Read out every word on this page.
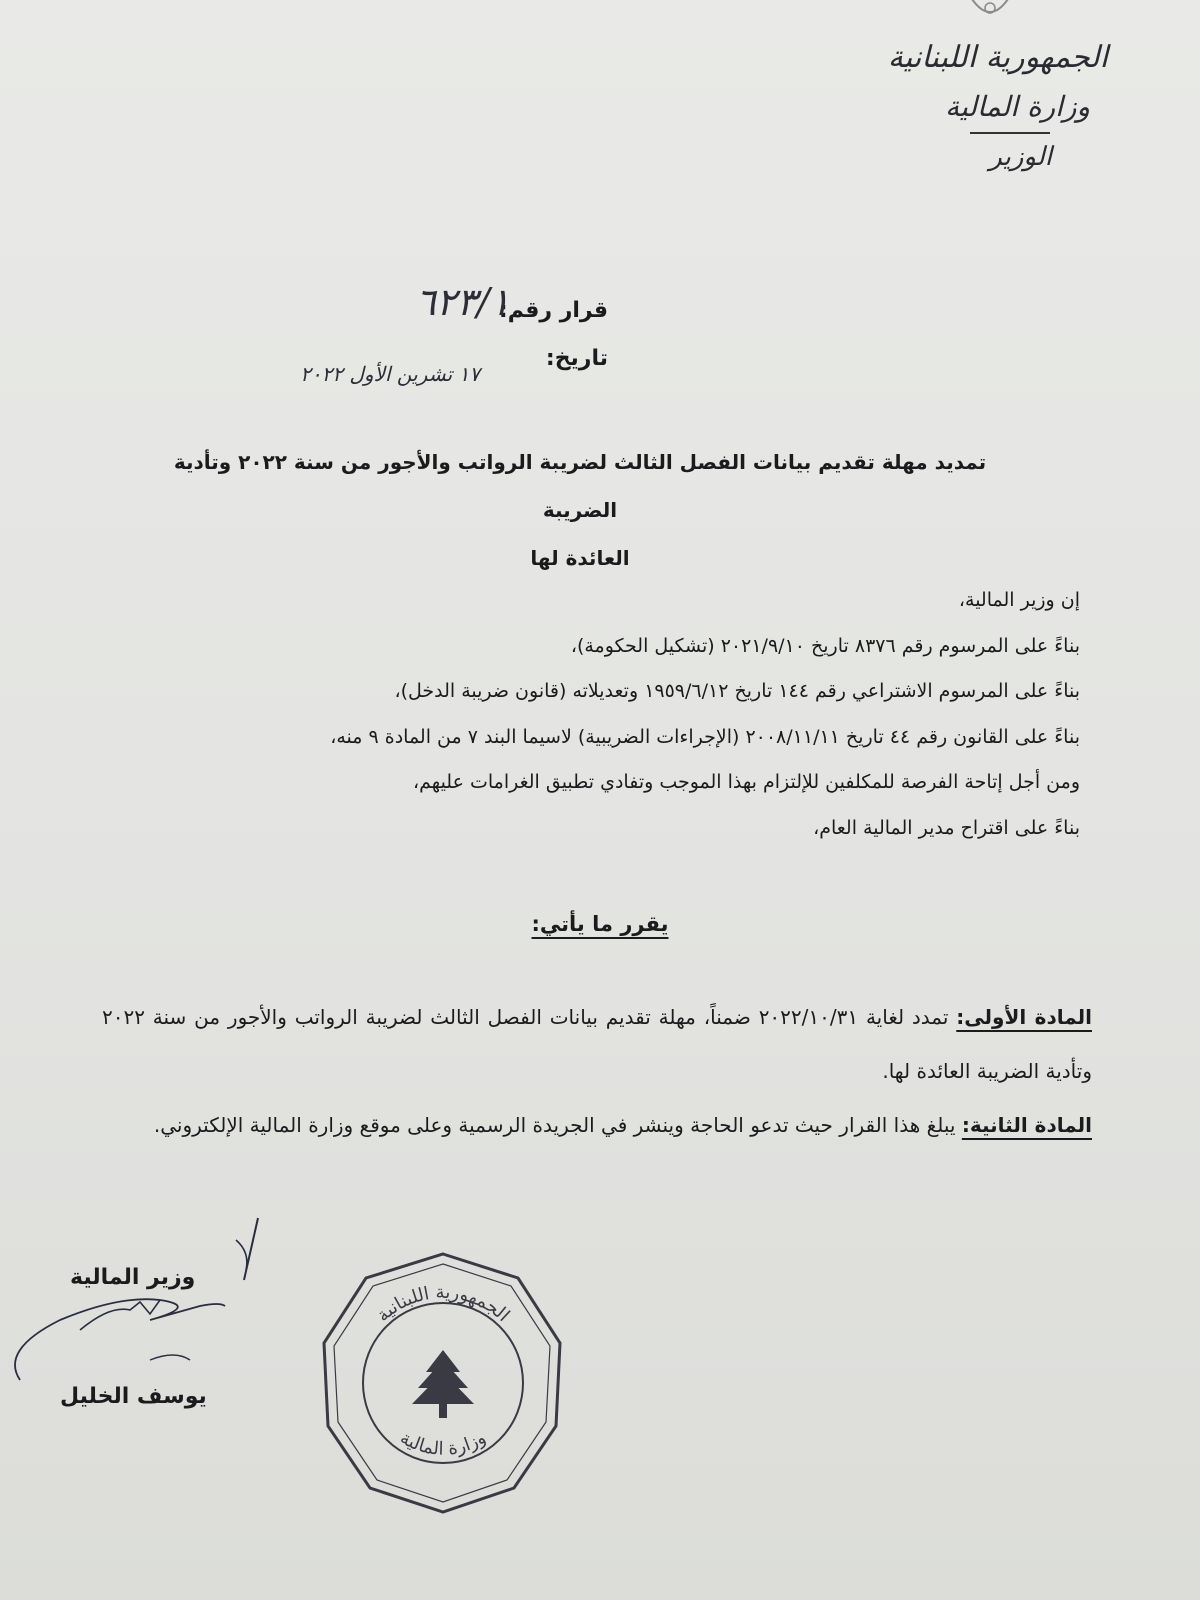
الجمهورية اللبنانية
وزارة المالية
الوزير
قرار رقم:
٦٢٣/١
تاريخ:
١٧ تشرين الأول ٢٠٢٢
تمديد مهلة تقديم بيانات الفصل الثالث لضريبة الرواتب والأجور من سنة ٢٠٢٢ وتأدية الضريبة
العائدة لها

إن وزير المالية،

بناءً على المرسوم رقم ٨٣٧٦ تاريخ ٢٠٢١/٩/١٠ (تشكيل الحكومة)،

بناءً على المرسوم الاشتراعي رقم ١٤٤ تاريخ ١٩٥٩/٦/١٢ وتعديلاته (قانون ضريبة الدخل)،

بناءً على القانون رقم ٤٤ تاريخ ٢٠٠٨/١١/١١ (الإجراءات الضريبية) لاسيما البند ٧ من المادة ٩ منه،

ومن أجل إتاحة الفرصة للمكلفين للإلتزام بهذا الموجب وتفادي تطبيق الغرامات عليهم،

بناءً على اقتراح مدير المالية العام،

يقرر ما يأتي:

المادة الأولى: تمدد لغاية ٢٠٢٢/١٠/٣١ ضمناً، مهلة تقديم بيانات الفصل الثالث لضريبة الرواتب والأجور من سنة ٢٠٢٢ وتأدية الضريبة العائدة لها.

المادة الثانية: يبلغ هذا القرار حيث تدعو الحاجة وينشر في الجريدة الرسمية وعلى موقع وزارة المالية الإلكتروني.

وزير المالية
يوسف الخليل
الجمهورية اللبنانية
وزارة المالية
